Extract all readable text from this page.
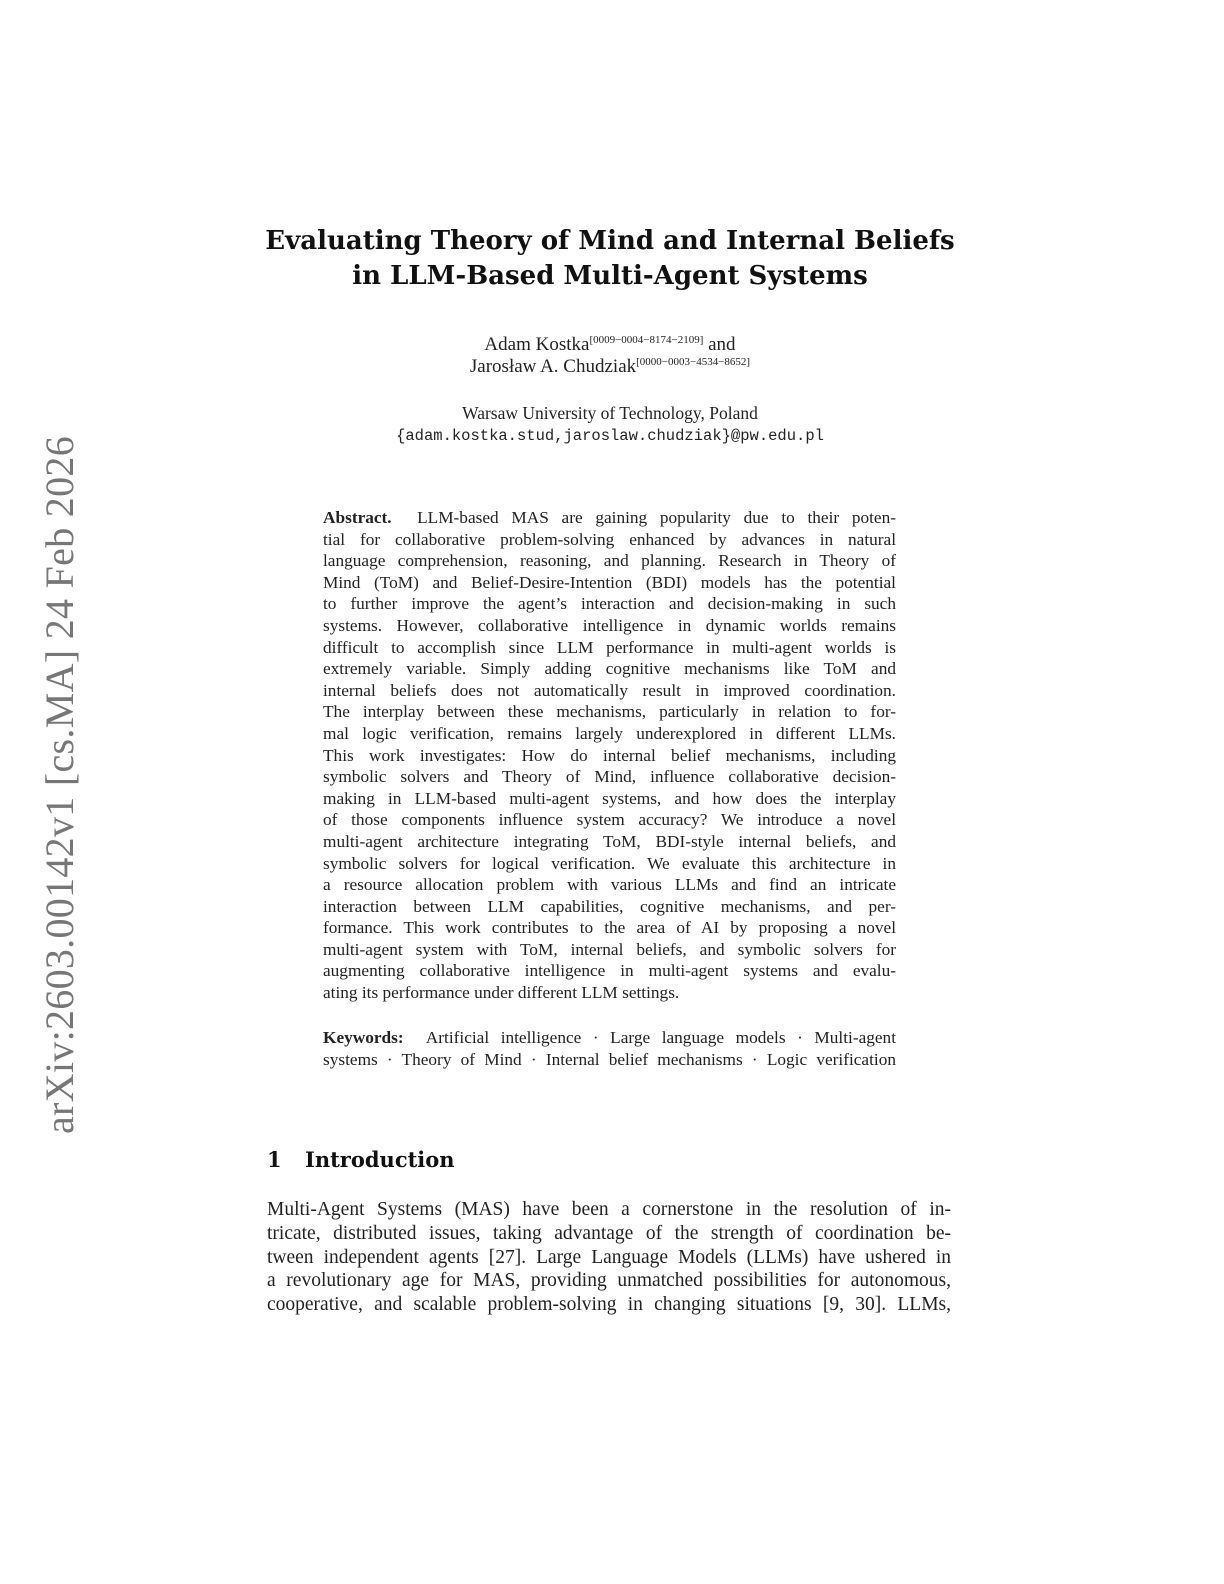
arXiv:2603.00142v1 [cs.MA] 24 Feb 2026
Evaluating Theory of Mind and Internal Beliefs
in LLM-Based Multi-Agent Systems
Adam Kostka[0009−0004−8174−2109] and
Jarosław A. Chudziak[0000−0003−4534−8652]
Warsaw University of Technology, Poland
{adam.kostka.stud,jaroslaw.chudziak}@pw.edu.pl
Abstract. LLM-based MAS are gaining popularity due to their poten-
tial for collaborative problem-solving enhanced by advances in natural
language comprehension, reasoning, and planning. Research in Theory of
Mind (ToM) and Belief-Desire-Intention (BDI) models has the potential
to further improve the agent’s interaction and decision-making in such
systems. However, collaborative intelligence in dynamic worlds remains
difficult to accomplish since LLM performance in multi-agent worlds is
extremely variable. Simply adding cognitive mechanisms like ToM and
internal beliefs does not automatically result in improved coordination.
The interplay between these mechanisms, particularly in relation to for-
mal logic verification, remains largely underexplored in different LLMs.
This work investigates: How do internal belief mechanisms, including
symbolic solvers and Theory of Mind, influence collaborative decision-
making in LLM-based multi-agent systems, and how does the interplay
of those components influence system accuracy? We introduce a novel
multi-agent architecture integrating ToM, BDI-style internal beliefs, and
symbolic solvers for logical verification. We evaluate this architecture in
a resource allocation problem with various LLMs and find an intricate
interaction between LLM capabilities, cognitive mechanisms, and per-
formance. This work contributes to the area of AI by proposing a novel
multi-agent system with ToM, internal beliefs, and symbolic solvers for
augmenting collaborative intelligence in multi-agent systems and evalu-
ating its performance under different LLM settings.
Keywords: Artificial intelligence · Large language models · Multi-agent
systems · Theory of Mind · Internal belief mechanisms · Logic verification
1 Introduction
Multi-Agent Systems (MAS) have been a cornerstone in the resolution of in-
tricate, distributed issues, taking advantage of the strength of coordination be-
tween independent agents [27]. Large Language Models (LLMs) have ushered in
a revolutionary age for MAS, providing unmatched possibilities for autonomous,
cooperative, and scalable problem-solving in changing situations [9, 30]. LLMs,
